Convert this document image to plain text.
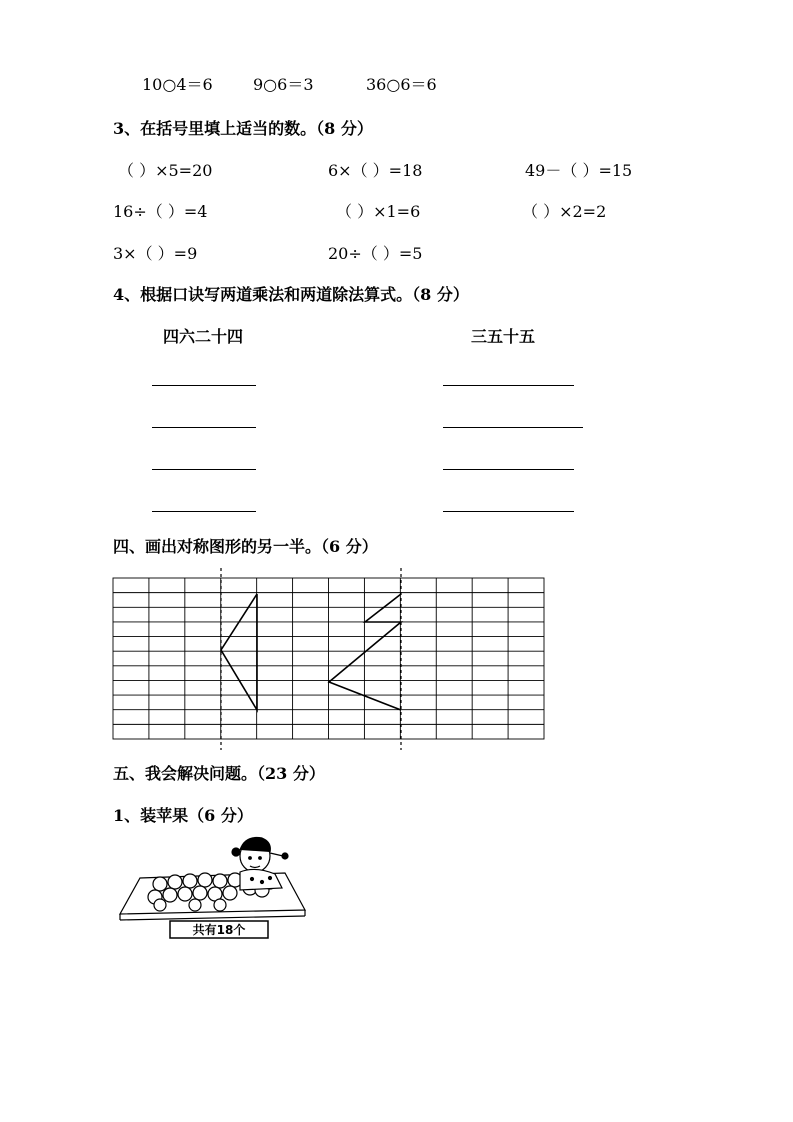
10○4＝6	9○6＝3	36○6＝6
3、在括号里填上适当的数。（8 分）
（ ）×5=20	6×（ ）=18	49－（ ）=15
16÷（ ）=4	（ ）×1=6	（ ）×2=2
3×（ ）=9	20÷（ ）=5
4、根据口诀写两道乘法和两道除法算式。（8 分）
四六二十四	三五十五
四、画出对称图形的另一半。（6 分）
五、我会解决问题。（23 分）
1、装苹果（6 分）
共有18个
